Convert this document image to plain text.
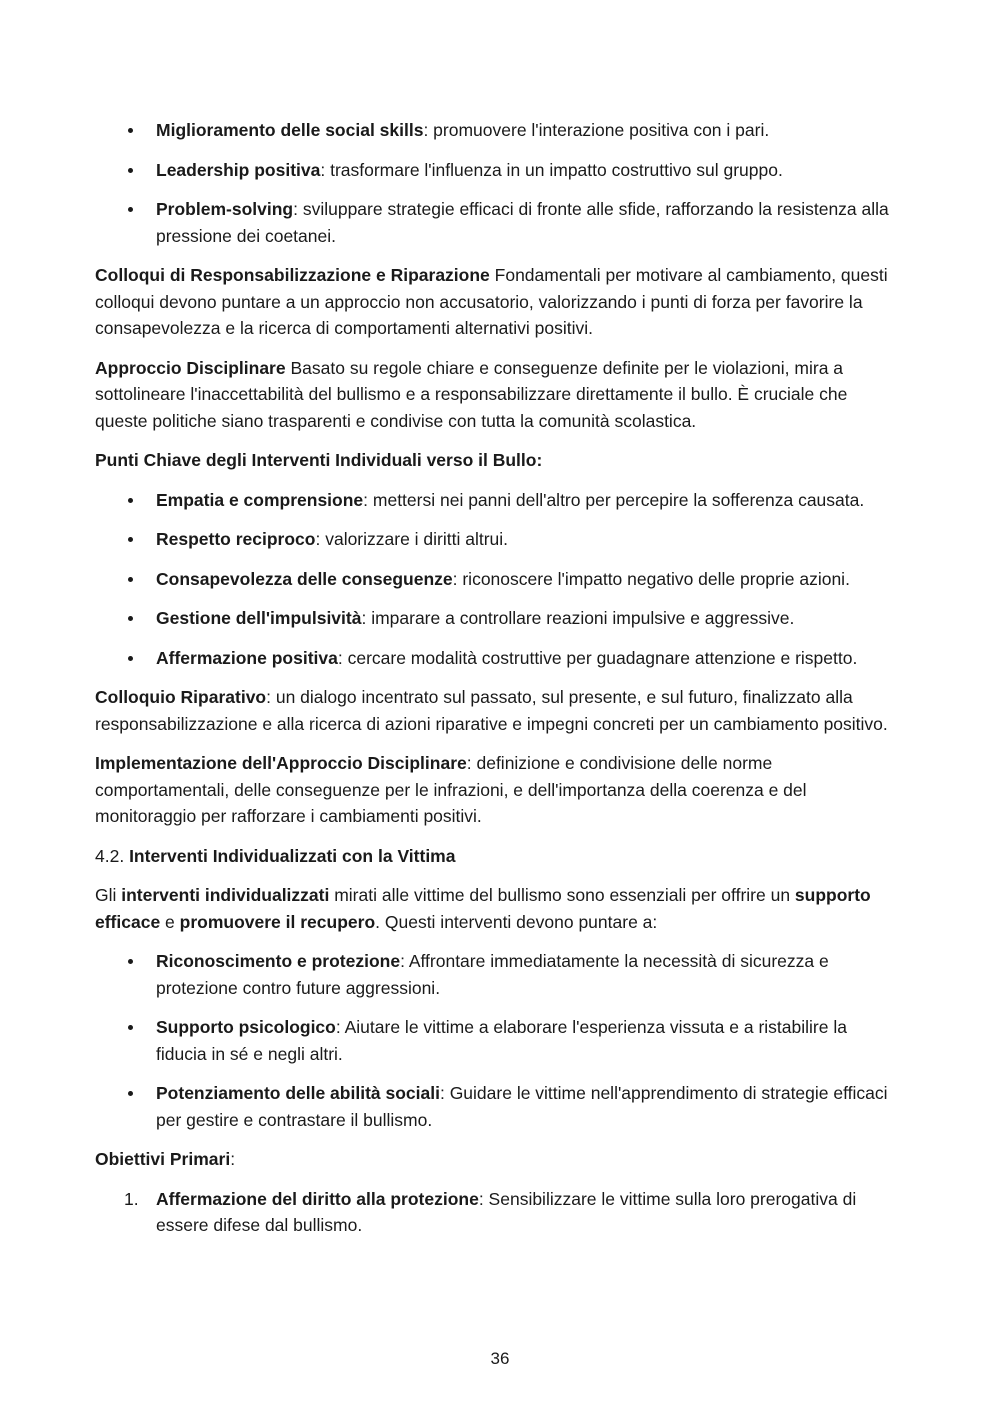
Miglioramento delle social skills: promuovere l'interazione positiva con i pari.
Leadership positiva: trasformare l'influenza in un impatto costruttivo sul gruppo.
Problem-solving: sviluppare strategie efficaci di fronte alle sfide, rafforzando la resistenza alla pressione dei coetanei.

Colloqui di Responsabilizzazione e Riparazione Fondamentali per motivare al cambiamento, questi colloqui devono puntare a un approccio non accusatorio, valorizzando i punti di forza per favorire la consapevolezza e la ricerca di comportamenti alternativi positivi.

Approccio Disciplinare Basato su regole chiare e conseguenze definite per le violazioni, mira a sottolineare l'inaccettabilità del bullismo e a responsabilizzare direttamente il bullo. È cruciale che queste politiche siano trasparenti e condivise con tutta la comunità scolastica.

Punti Chiave degli Interventi Individuali verso il Bullo:

Empatia e comprensione: mettersi nei panni dell'altro per percepire la sofferenza causata.
Respetto reciproco: valorizzare i diritti altrui.
Consapevolezza delle conseguenze: riconoscere l'impatto negativo delle proprie azioni.
Gestione dell'impulsività: imparare a controllare reazioni impulsive e aggressive.
Affermazione positiva: cercare modalità costruttive per guadagnare attenzione e rispetto.

Colloquio Riparativo: un dialogo incentrato sul passato, sul presente, e sul futuro, finalizzato alla responsabilizzazione e alla ricerca di azioni riparative e impegni concreti per un cambiamento positivo.

Implementazione dell'Approccio Disciplinare: definizione e condivisione delle norme comportamentali, delle conseguenze per le infrazioni, e dell'importanza della coerenza e del monitoraggio per rafforzare i cambiamenti positivi.

4.2. Interventi Individualizzati con la Vittima

Gli interventi individualizzati mirati alle vittime del bullismo sono essenziali per offrire un supporto efficace e promuovere il recupero. Questi interventi devono puntare a:

Riconoscimento e protezione: Affrontare immediatamente la necessità di sicurezza e protezione contro future aggressioni.
Supporto psicologico: Aiutare le vittime a elaborare l'esperienza vissuta e a ristabilire la fiducia in sé e negli altri.
Potenziamento delle abilità sociali: Guidare le vittime nell'apprendimento di strategie efficaci per gestire e contrastare il bullismo.

Obiettivi Primari:

1. Affermazione del diritto alla protezione: Sensibilizzare le vittime sulla loro prerogativa di essere difese dal bullismo.
36
